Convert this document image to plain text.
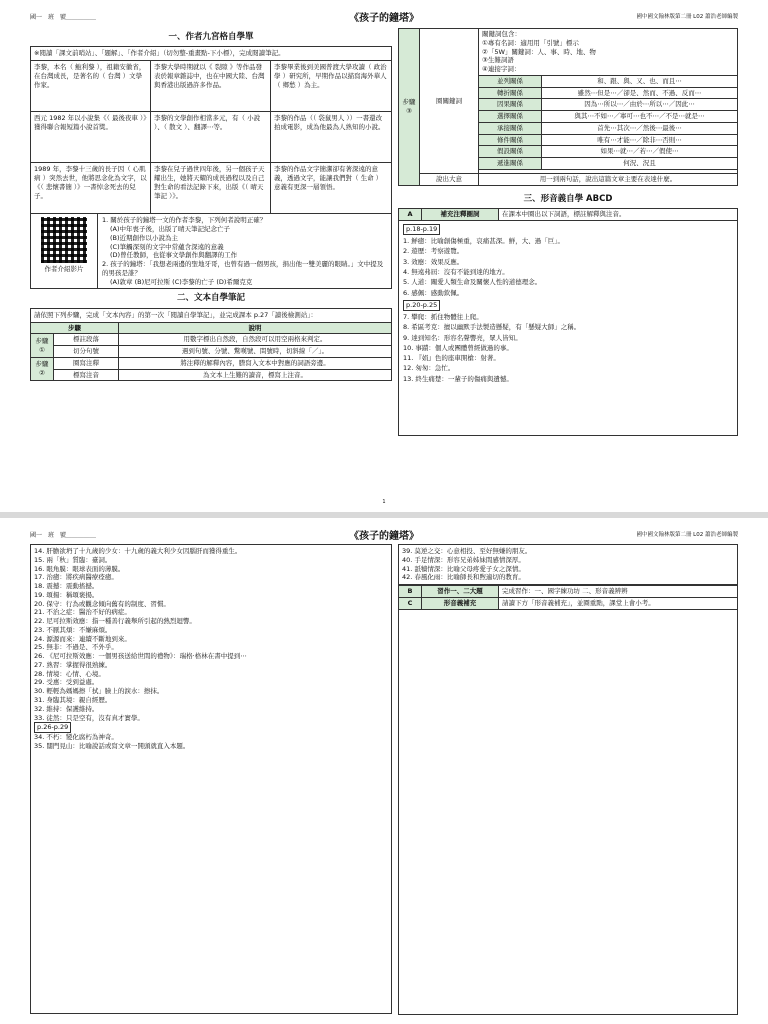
國一　班　號＿＿＿＿＿	《孩子的鐘塔》	國中國文翰林版第二冊 L02 蕭浩老師編製
一、作者九宮格自學單
※閱讀「課文前哨站」、「題解」、「作者介紹」（切勿整-重畫點-下小標），完成閱讀筆記。
李黎，本名（ 鮑利黎 ），祖籍安徽省，在台灣成長，是著名的（ 台灣 ）文學作家。
李黎大學時期就以《 裂隙 》等作品發表於報章雜誌中，也在中國大陸、台灣與香港出版過許多作品。
李黎畢業後到美國普渡大學攻讀（ 政治學 ）研究所，早期作品以描寫海外華人（ 鄉愁 ）為主。
西元 1982 年以小說集《（ 最後夜車 ）》獲得聯合報短篇小說首獎。
李黎的文學創作相當多元，有（ 小說 ）、（ 散文 ）、翻譯⋯等。
李黎的作品（（ 袋鼠男人 ））一書還改拍成電影，成為他最為人熟知的小說。
1989 年，李黎十三歲的長子因（ 心肌病 ）突然去世，他將思念化為文字，以《（ 悲懷書簡 ）》一書悼念死去的兒子。
李黎在兒子過世四年後，另一個孩子天耀出生，她將天耀的成長過程以及自己對生命的看法記錄下來，出版《（ 晴天筆記 ）》。
李黎的作品文字簡潔卻有著深遠的意義，透過文字，能讓我們對（ 生命 ）意義有更深一層領悟。
作者介紹影片
1. 關於孩子的鐘塔一文的作者李黎，下列何者說明正確？
(A)中年喪子後，出版了晴天筆記紀念亡子
(B)近期創作以小說為主
(C)筆觸深刻的文字中常蘊含深遠的意義
(D)曾任教師，也從事文學創作與翻譯的工作
2. 孩子的鐘塔：「我想老兩邊的聖地牙哥，也曾有過一個男孩，捐出他一雙美麗的眼睛。」文中提及的男孩是誰？
(A)敦章 (B)尼可拉斯 (C)李黎的亡子 (D)希爾克克
二、文本自學筆記
請依照下列步驟，完成「文本內容」的第一次「閱讀自學筆記」，並完成課本 p.27「讀後檢測站」：
步驟		說明
步驟①	標註段落	用數字標出自然段，自然段可以用空兩格來判定。
	切分句號	遇到句號、分號、驚嘆號、問號時，切斜線「／」。
步驟②	圈寫注釋	將注釋的解釋內容，謄寫入文本中對應的詞語旁邊。
	標寫注音	為文本上生難的讀音，標寫上注音。
步驟③	圈關鍵詞	關鍵詞包含：
①專有名詞：適用用「引號」標示
②「5W」關鍵詞：人、事、時、地、物
③生難詞語
④連接字詞：	

		並列關係	和、跟、與、又、也、而且⋯
		轉折關係	雖然⋯但是⋯／卻是、然而、不過、反而⋯
		因果關係	因為⋯所以⋯／由於⋯所以⋯／因此⋯
		選擇關係	與其⋯不如⋯／寧可⋯也不⋯／不是⋯就是⋯
		承接關係	首先⋯其次⋯／然後⋯最後⋯
		條件關係	唯有⋯才能⋯／除非⋯否則⋯
		假設關係	如果⋯就⋯／若⋯／假使⋯
		遞進關係	何況、況且

	說出大意	用一到兩句話，說出這篇文章主要在表達什麼。	
三、形音義自學 ABCD
A	補充注釋圈詞	在課本中圈出以下詞語，標註解釋與注音。
p.18-p.19
1. 鮮癒：比喻創傷極重，哀痛甚深。鮮，大、過「巨」。
2. 遊歷：考察遊覽。
3. 效應：效果反應。
4. 無遠弗屆：沒有不能到達的地方。
5. 人道：關愛人類生命及關懷人性的道德理念。
6. 感佩：感動欽佩。
p.20-p.25
7. 攀爬：抓住物體往上爬。
8. 希區考克：擅以幽默手法製造懸疑，有「懸疑大師」之稱。
9. 達到知名：形容名聲響亮，眾人皆知。
10. 事蹟：個人或團體曾經做過的事。
11. 『娟』色的座車開槍：射著。
12. 匆匆：急忙。
13. 終生痛楚：一輩子的傷痛與遺憾。
1
國一　班　號＿＿＿＿＿	《孩子的鐘塔》	國中國文翰林版第二冊 L02 蕭浩老師編製
14. 肝膽欲坍了十九歲的少女：十九歲的義大利少女因腦肝而獲得重生。
15. 兩「秋」質臨：臺詞。
16. 眼角膜：眼球表面的薄膜。
17. 治癒：將疾病醫療痊癒。
18. 震撼：震動搖撼。
19. 頌揚：稱頌褒揚。
20. 保守：行為或觀念傾向舊有的制度、習慣。
21. 不治之症：醫治不好的病症。
22. 尼可拉斯效應：指一種善行義舉所引起的熱烈迴響。
23. 不厭其煩：不嫌麻煩。
24. 源源而來：連續不斷地到來。
25. 無非：不過是、不外乎。
26. 《尼可拉斯效應：一個男孩送給世間的禮物》：瑞格‧格林在書中提到⋯
27. 熟習：掌握得很熟練。
28. 情境：心情、心境。
29. 受惠：受到益處。
30. 輕輕為媽媽擦「拭」臉上的淚水：擦抹。
31. 身臨其境：親自經歷。
32. 維持：保護維持。
33. 徒然：只是空有，沒有真才實學。
p.26-p.29
34. 不朽：變化腐朽為神奇。
35. 闊門見山：比喻說話或寫文章一開頭就直入本題。
39. 莫逆之交：心意相投、至好無嫌的朋友。
40. 手足情深：形容兄弟姊妹間感情深厚。
41. 舐犢情深：比喻父母疼愛子女之深情。
42. 春風化雨：比喻師長和煦適切的教育。
B	習作一、二大題	完成習作：一、國字練功坊 二、形音義辨辨
C	形音義補充	請讀下方「形音義補充」，並圈重點，課堂上會小考。
